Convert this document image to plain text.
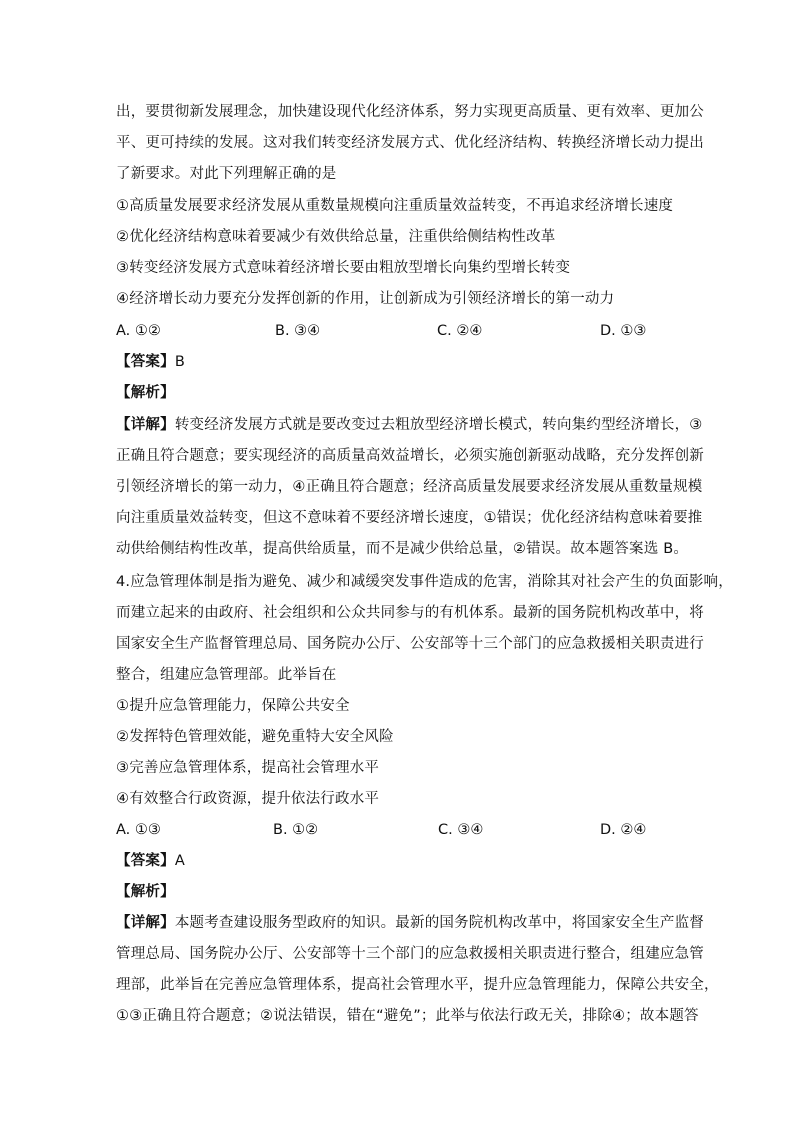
出，要贯彻新发展理念，加快建设现代化经济体系，努力实现更高质量、更有效率、更加公
平、更可持续的发展。这对我们转变经济发展方式、优化经济结构、转换经济增长动力提出
了新要求。对此下列理解正确的是
①高质量发展要求经济发展从重数量规模向注重质量效益转变，不再追求经济增长速度
②优化经济结构意味着要减少有效供给总量，注重供给侧结构性改革
③转变经济发展方式意味着经济增长要由粗放型增长向集约型增长转变
④经济增长动力要充分发挥创新的作用，让创新成为引领经济增长的第一动力
A. ①②	B. ③④	C. ②④	D. ①③
【答案】B
【解析】
【详解】转变经济发展方式就是要改变过去粗放型经济增长模式，转向集约型经济增长，③
正确且符合题意；要实现经济的高质量高效益增长，必须实施创新驱动战略，充分发挥创新
引领经济增长的第一动力，④正确且符合题意；经济高质量发展要求经济发展从重数量规模
向注重质量效益转变，但这不意味着不要经济增长速度，①错误；优化经济结构意味着要推
动供给侧结构性改革，提高供给质量，而不是减少供给总量，②错误。故本题答案选 B。
4.应急管理体制是指为避免、减少和减缓突发事件造成的危害，消除其对社会产生的负面影响，
而建立起来的由政府、社会组织和公众共同参与的有机体系。最新的国务院机构改革中，将
国家安全生产监督管理总局、国务院办公厅、公安部等十三个部门的应急救援相关职责进行
整合，组建应急管理部。此举旨在
①提升应急管理能力，保障公共安全
②发挥特色管理效能，避免重特大安全风险
③完善应急管理体系，提高社会管理水平
④有效整合行政资源，提升依法行政水平
A. ①③	B. ①②	C. ③④	D. ②④
【答案】A
【解析】
【详解】本题考查建设服务型政府的知识。最新的国务院机构改革中，将国家安全生产监督
管理总局、国务院办公厅、公安部等十三个部门的应急救援相关职责进行整合，组建应急管
理部，此举旨在完善应急管理体系，提高社会管理水平，提升应急管理能力，保障公共安全，
①③正确且符合题意；②说法错误，错在“避免”；此举与依法行政无关，排除④；故本题答
